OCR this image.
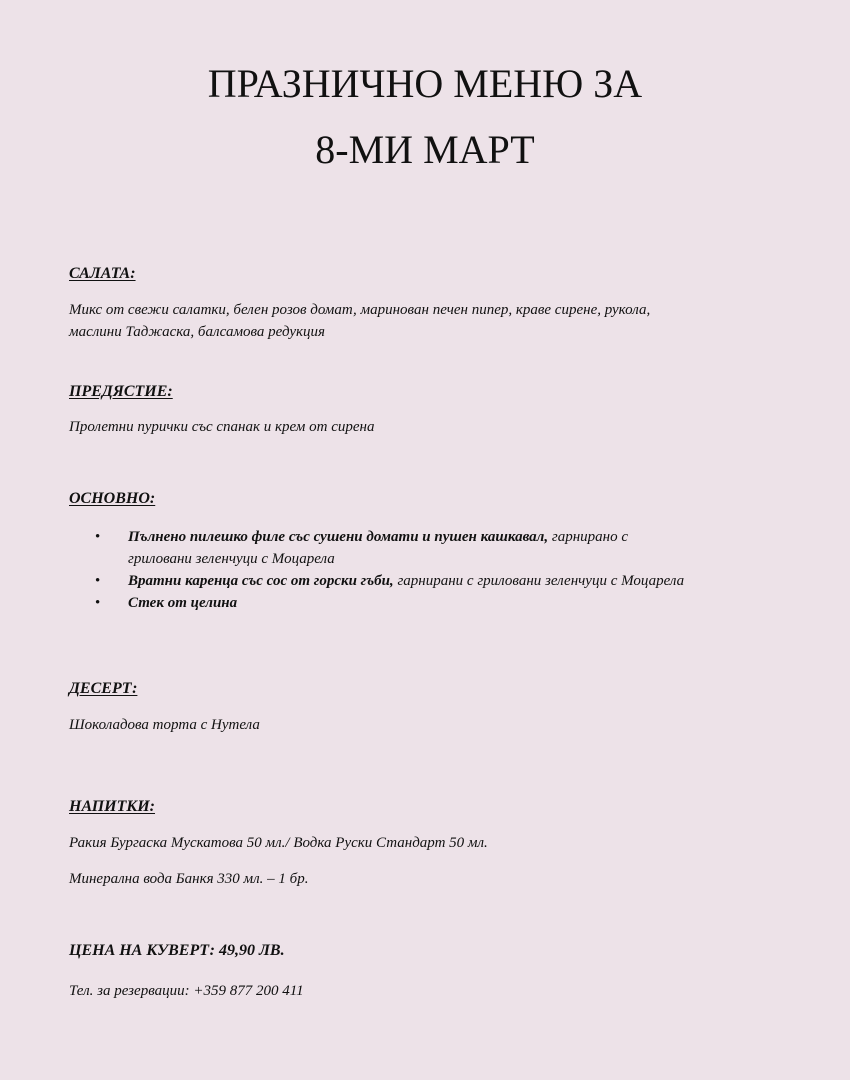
ПРАЗНИЧНО МЕНЮ ЗА
8-МИ МАРТ

САЛАТА:

Микс от свежи салатки, белен розов домат, мариновaн печен пипер, краве сирене, рукола,

маслини Таджаска, балсамова редукция

ПРЕДЯСТИЕ:

Пролетни пурички със спанак и крем от сирена

ОСНОВНО:

• Пълнено пилешко филе със сушени домати и пушен кашкавал, гарнирано с
гриловани зеленчуци с Моцарела
• Вратни каренца със сос от горски гъби, гарнирани с гриловани зеленчуци с Моцарела
• Стек от целина

ДЕСЕРТ:

Шоколадова торта с Нутела

НАПИТКИ:

Ракия Бургаска Мускатова 50 мл./ Водка Руски Стандарт 50 мл.

Минерална вода Банкя 330 мл. – 1 бр.

ЦЕНА НА КУВЕРТ: 49,90 ЛВ.

Тел. за резервации: +359 877 200 411
